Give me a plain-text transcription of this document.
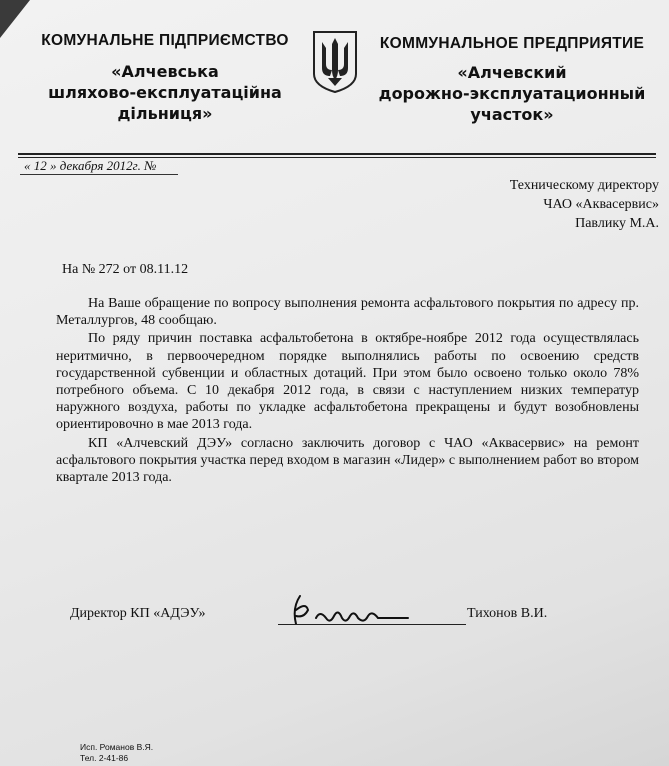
КОМУНАЛЬНЕ ПІДПРИЄМСТВО
«Алчевська
шляхово-експлуатаційна
дільниця»
КОММУНАЛЬНОЕ ПРЕДПРИЯТИЕ
«Алчевский
дорожно-эксплуатационный
участок»
« 12 » декабря 2012г. №
Техническому директору
ЧАО «Аквасервис»
Павлику М.А.
На № 272 от 08.11.12

На Ваше обращение по вопросу выполнения ремонта асфальтового покрытия по адресу пр. Металлургов, 48 сообщаю.

По ряду причин поставка асфальтобетона в октябре-ноябре 2012 года осуществлялась неритмично, в первоочередном порядке выполнялись работы по освоению средств государственной субвенции и областных дотаций. При этом было освоено только около 78% потребного объема. С 10 декабря 2012 года, в связи с наступлением низких температур наружного воздуха, работы по укладке асфальтобетона прекращены и будут возобновлены ориентировочно в мае 2013 года.

КП «Алчевский ДЭУ» согласно заключить договор с ЧАО «Аквасервис» на ремонт асфальтового покрытия участка перед входом в магазин «Лидер» с выполнением работ во втором квартале 2013 года.

Директор КП «АДЭУ»	Тихонов В.И.
Исп. Романов В.Я.
Тел. 2-41-86
